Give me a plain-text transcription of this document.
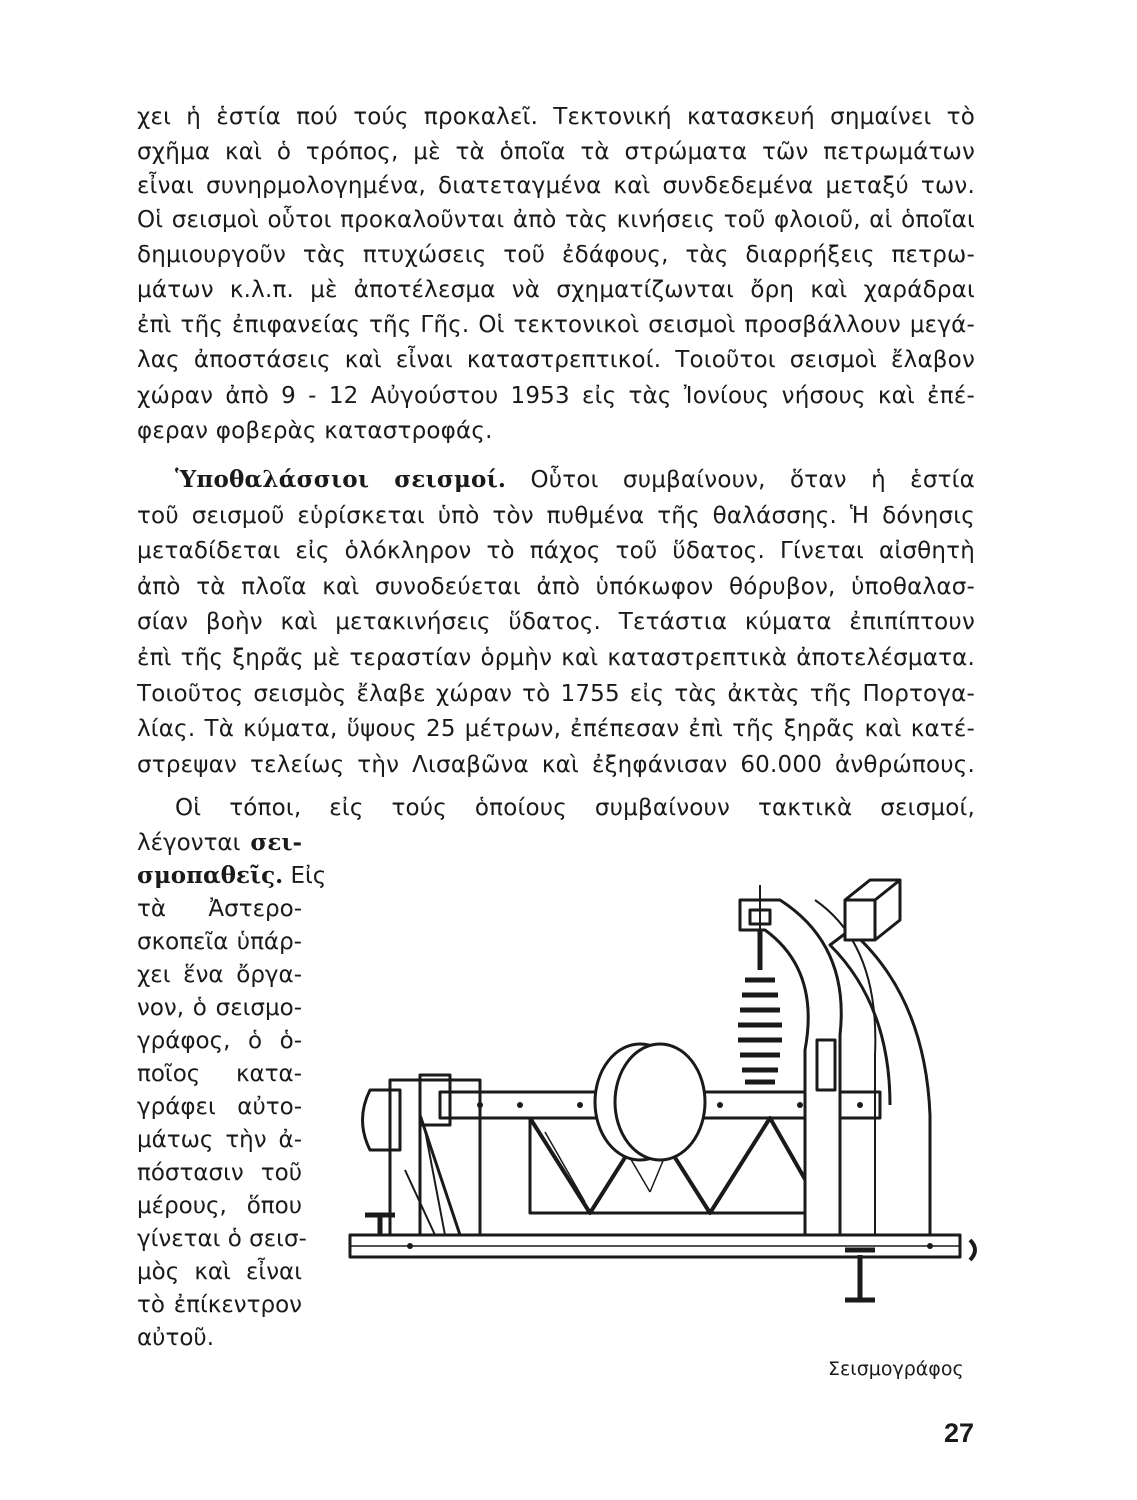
χει ἡ ἑστία πού τούς προκαλεῖ. Τεκτονική κατασκευή σημαίνει τὸ
σχῆμα καὶ ὁ τρόπος, μὲ τὰ ὁποῖα τὰ στρώματα τῶν πετρωμάτων
εἶναι συνηρμολογημένα, διατεταγμένα καὶ συνδεδεμένα μεταξύ των.
Οἱ σεισμοὶ οὗτοι προκαλοῦνται ἀπὸ τὰς κινήσεις τοῦ φλοιοῦ, αἱ ὁποῖαι
δημιουργοῦν τὰς πτυχώσεις τοῦ ἐδάφους, τὰς διαρρήξεις πετρω-
μάτων κ.λ.π. μὲ ἀποτέλεσμα νὰ σχηματίζωνται ὄρη καὶ χαράδραι
ἐπὶ τῆς ἐπιφανείας τῆς Γῆς. Οἱ τεκτονικοὶ σεισμοὶ προσβάλλουν μεγά-
λας ἀποστάσεις καὶ εἶναι καταστρεπτικοί. Τοιοῦτοι σεισμοὶ ἔλαβον
χώραν ἀπὸ 9 - 12 Αὐγούστου 1953 εἰς τὰς Ἰονίους νήσους καὶ ἐπέ-
φεραν φοβερὰς καταστροφάς.
Ὑποθαλάσσιοι σεισμοί. Οὗτοι συμβαίνουν, ὅταν ἡ ἑστία
τοῦ σεισμοῦ εὑρίσκεται ὑπὸ τὸν πυθμένα τῆς θαλάσσης. Ἡ δόνησις
μεταδίδεται εἰς ὁλόκληρον τὸ πάχος τοῦ ὕδατος. Γίνεται αἰσθητὴ
ἀπὸ τὰ πλοῖα καὶ συνοδεύεται ἀπὸ ὑπόκωφον θόρυβον, ὑποθαλασ-
σίαν βοὴν καὶ μετακινήσεις ὕδατος. Τετάστια κύματα ἐπιπίπτουν
ἐπὶ τῆς ξηρᾶς μὲ τεραστίαν ὁρμὴν καὶ καταστρεπτικὰ ἀποτελέσματα.
Τοιοῦτος σεισμὸς ἔλαβε χώραν τὸ 1755 εἰς τὰς ἀκτὰς τῆς Πορτογα-
λίας. Τὰ κύματα, ὕψους 25 μέτρων, ἐπέπεσαν ἐπὶ τῆς ξηρᾶς καὶ κατέ-
στρεψαν τελείως τὴν Λισαβῶνα καὶ ἐξηφάνισαν 60.000 ἀνθρώπους.
Οἱ τόποι, εἰς τούς ὁποίους συμβαίνουν τακτικὰ σεισμοί,
λέγονται σει-
σμοπαθεῖς. Εἰς
τὰ Ἀστερο-
σκοπεῖα ὑπάρ-
χει ἕνα ὄργα-
νον, ὁ σεισμο-
γράφος, ὁ ὁ-
ποῖος κατα-
γράφει αὐτο-
μάτως τὴν ἀ-
πόστασιν τοῦ
μέρους, ὅπου
γίνεται ὁ σεισ-
μὸς καὶ εἶναι
τὸ ἐπίκεντρον
αὐτοῦ.
Σεισμογράφος
27
